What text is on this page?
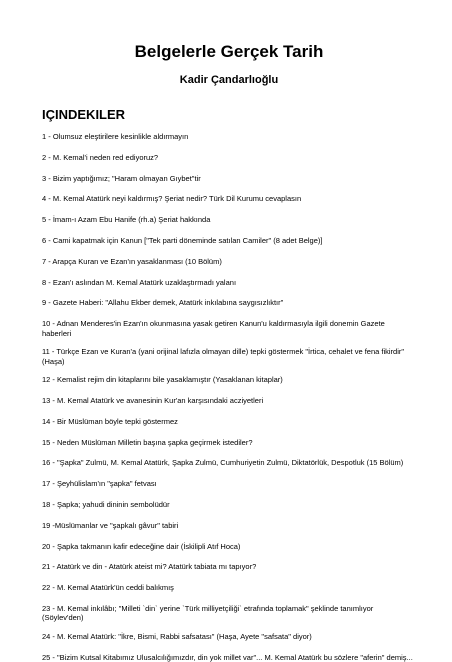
Belgelerle Gerçek Tarih
Kadir Çandarlıoğlu
IÇINDEKILER
1 - Olumsuz eleştirilere kesinlikle aldırmayın
2 - M. Kemal'i neden red ediyoruz?
3 - Bizim yaptığımız; "Haram olmayan Gıybet"tir
4 - M. Kemal Atatürk neyi kaldırmış? Şeriat nedir? Türk Dil Kurumu cevaplasın
5 - İmam-ı Azam Ebu Hanife (rh.a) Şeriat hakkında
6 - Cami kapatmak için Kanun ["Tek parti döneminde satılan Camiler" (8 adet Belge)]
7 - Arapça Kuran ve Ezan'ın yasaklanması (10 Bölüm)
8 - Ezan'ı aslından M. Kemal Atatürk uzaklaştırmadı yalanı
9 - Gazete Haberi: "Allahu Ekber demek, Atatürk inkılabına saygısızlıktır"
10 - Adnan Menderes'in Ezan'ın okunmasına yasak getiren Kanun'u kaldırmasıyla ilgili donemin Gazete haberleri
11 - Türkçe Ezan ve Kuran'a (yani orijinal lafızla olmayan dille) tepki göstermek "İrtica, cehalet ve fena fikirdir" (Haşa)
12 - Kemalist rejim din kitaplarını bile yasaklamıştır (Yasaklanan kitaplar)
13 - M. Kemal Atatürk ve avanesinin Kur'an karşısındaki acziyetleri
14 - Bir Müslüman böyle tepki göstermez
15 - Neden Müslüman Milletin başına şapka geçirmek istediler?
16 - "Şapka" Zulmü, M. Kemal Atatürk, Şapka Zulmü, Cumhuriyetin Zulmü, Diktatörlük, Despotluk (15 Bölüm)
17 - Şeyhülislam'ın "şapka" fetvası
18 - Şapka; yahudi dininin sembolüdür
19 -Müslümanlar ve "şapkalı gâvur" tabiri
20 - Şapka takmanın kafir edeceğine dair (İskilipli Atıf Hoca)
21 - Atatürk ve din - Atatürk ateist mi? Atatürk tabiata mı tapıyor?
22 - M. Kemal Atatürk'ün ceddi balıkmış
23 - M. Kemal inkılâbı; "Milleti `din` yerine `Türk milliyetçiliği` etrafında toplamak" şeklinde tanımlıyor (Söylev'den)
24 - M. Kemal Atatürk: "İkre, Bismi, Rabbi safsatası" (Haşa, Ayete "safsata" diyor)
25 - "Bizim Kutsal Kitabımız Ulusalcılığımızdır, din yok millet var"... M. Kemal Atatürk bu sözlere "aferin" demiş...
